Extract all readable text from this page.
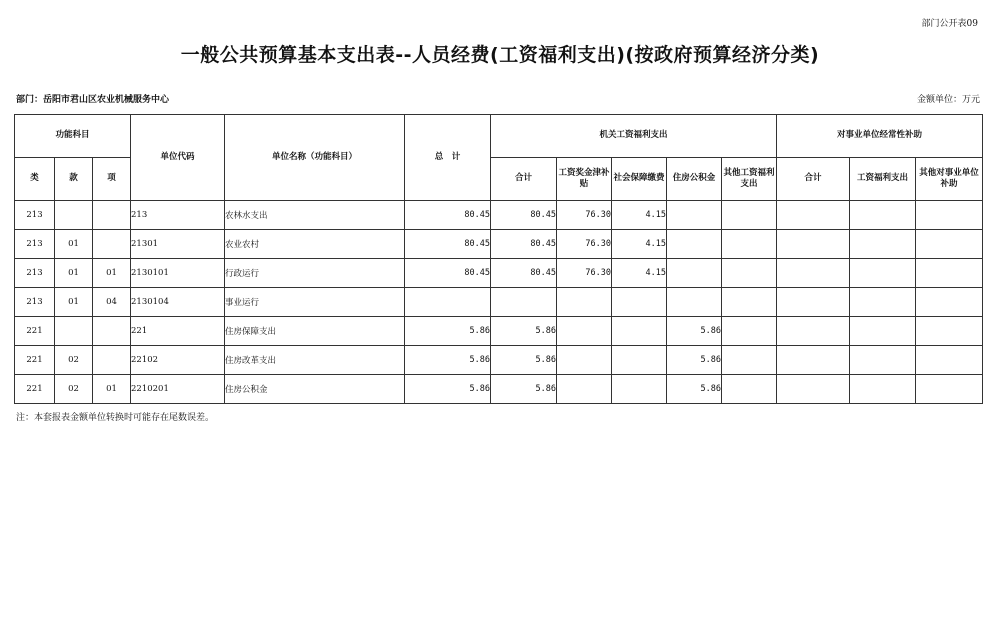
部门公开表09
一般公共预算基本支出表--人员经费(工资福利支出)(按政府预算经济分类)
部门：岳阳市君山区农业机械服务中心	金额单位：万元
功能科目			单位代码	单位名称（功能科目）	总　计	机关工资福利支出					对事业单位经常性补助		
类	款	项				合计	工资奖金津补贴	社会保障缴费	住房公积金	其他工资福利支出	合计	工资福利支出	其他对事业单位补助
213			213	农林水支出	80.45	80.45	76.30	4.15					
213	01		21301	农业农村	80.45	80.45	76.30	4.15					
213	01	01	2130101	行政运行	80.45	80.45	76.30	4.15					
213	01	04	2130104	事业运行									
221			221	住房保障支出	5.86	5.86			5.86				
221	02		22102	住房改革支出	5.86	5.86			5.86				
221	02	01	2210201	住房公积金	5.86	5.86			5.86				
注：本套报表金额单位转换时可能存在尾数误差。
